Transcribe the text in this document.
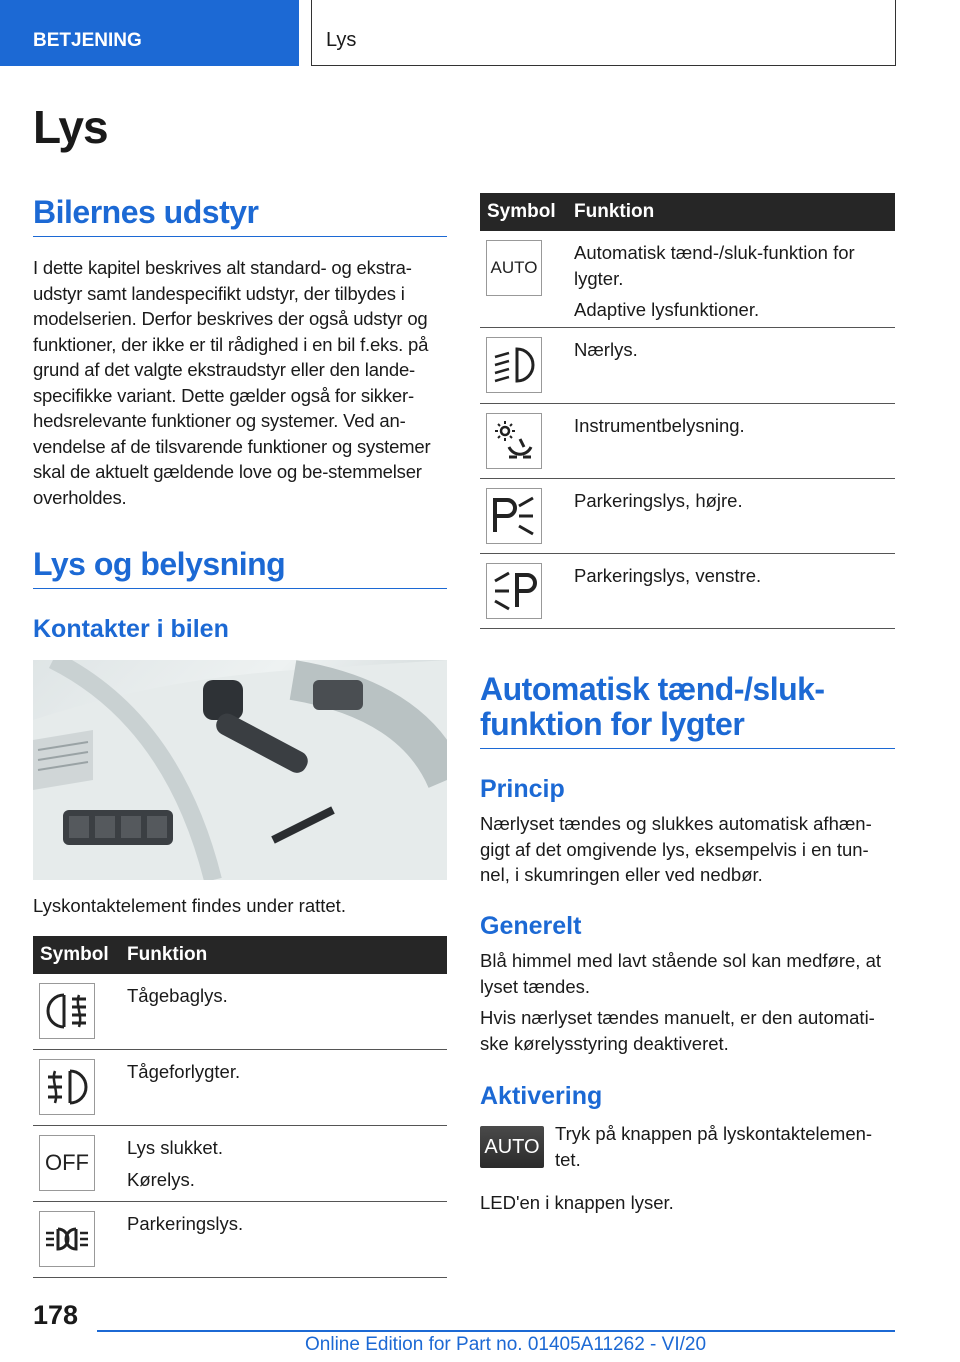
BETJENING	Lys
Lys
Bilernes udstyr
I dette kapitel beskrives alt standard- og ekstra-udstyr samt landespecifikt udstyr, der tilbydes i modelserien. Derfor beskrives der også udstyr og funktioner, der ikke er til rådighed i en bil f.eks. på grund af det valgte ekstraudstyr eller den lande-specifikke variant. Dette gælder også for sikker-hedsrelevante funktioner og systemer. Ved an-vendelse af de tilsvarende funktioner og systemer skal de aktuelt gældende love og be-stemmelser overholdes.
Lys og belysning
Kontakter i bilen
Lyskontaktelement findes under rattet.
Symbol Funktion

Tågebaglys.

Tågeforlygter.

OFF

Lys slukket.

Kørelys.

Parkeringslys.

Symbol Funktion
AUTO

Automatisk tænd-/sluk-funktion for lygter.

Adaptive lysfunktioner.

Nærlys.

Instrumentbelysning.

Parkeringslys, højre.

Parkeringslys, venstre.

Automatisk tænd-/sluk-funktion for lygter
Princip
Nærlyset tændes og slukkes automatisk afhæn-gigt af det omgivende lys, eksempelvis i en tun-nel, i skumringen eller ved nedbør.
Generelt
Blå himmel med lavt stående sol kan medføre, at lyset tændes.
Hvis nærlyset tændes manuelt, er den automati-ske kørelysstyring deaktiveret.
Aktivering
AUTO
Tryk på knappen på lyskontaktelemen-tet.
LED'en i knappen lyser.
178
Online Edition for Part no. 01405A11262 - VI/20
